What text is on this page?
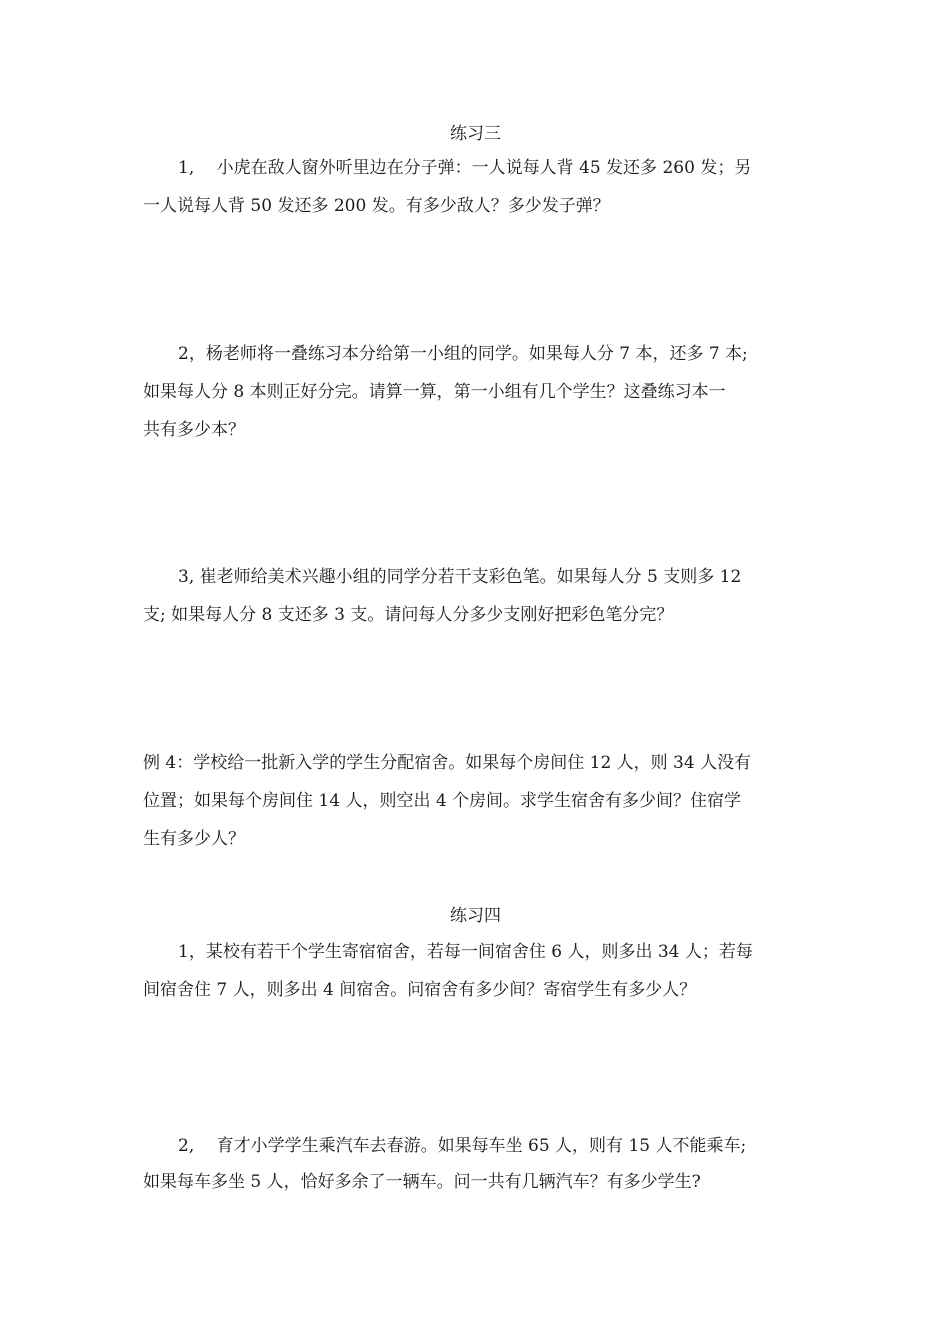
练习三

1,　 小虎在敌人窗外听里边在分子弹：一人说每人背 45 发还多 260 发；另
一人说每人背 50 发还多 200 发。有多少敌人？多少发子弹？

2，杨老师将一叠练习本分给第一小组的同学。如果每人分 7 本，还多 7 本;
如果每人分 8 本则正好分完。请算一算，第一小组有几个学生？这叠练习本一
共有多少本？

3, 崔老师给美术兴趣小组的同学分若干支彩色笔。如果每人分 5 支则多 12
支; 如果每人分 8 支还多 3 支。请问每人分多少支刚好把彩色笔分完？

例 4：学校给一批新入学的学生分配宿舍。如果每个房间住 12 人，则 34 人没有
位置；如果每个房间住 14 人，则空出 4 个房间。求学生宿舍有多少间？住宿学
生有多少人？

练习四

1，某校有若干个学生寄宿宿舍，若每一间宿舍住 6 人，则多出 34 人；若每
间宿舍住 7 人，则多出 4 间宿舍。问宿舍有多少间？寄宿学生有多少人？

2,　 育才小学学生乘汽车去春游。如果每车坐 65 人，则有 15 人不能乘车;
如果每车多坐 5 人，恰好多余了一辆车。问一共有几辆汽车？有多少学生?
